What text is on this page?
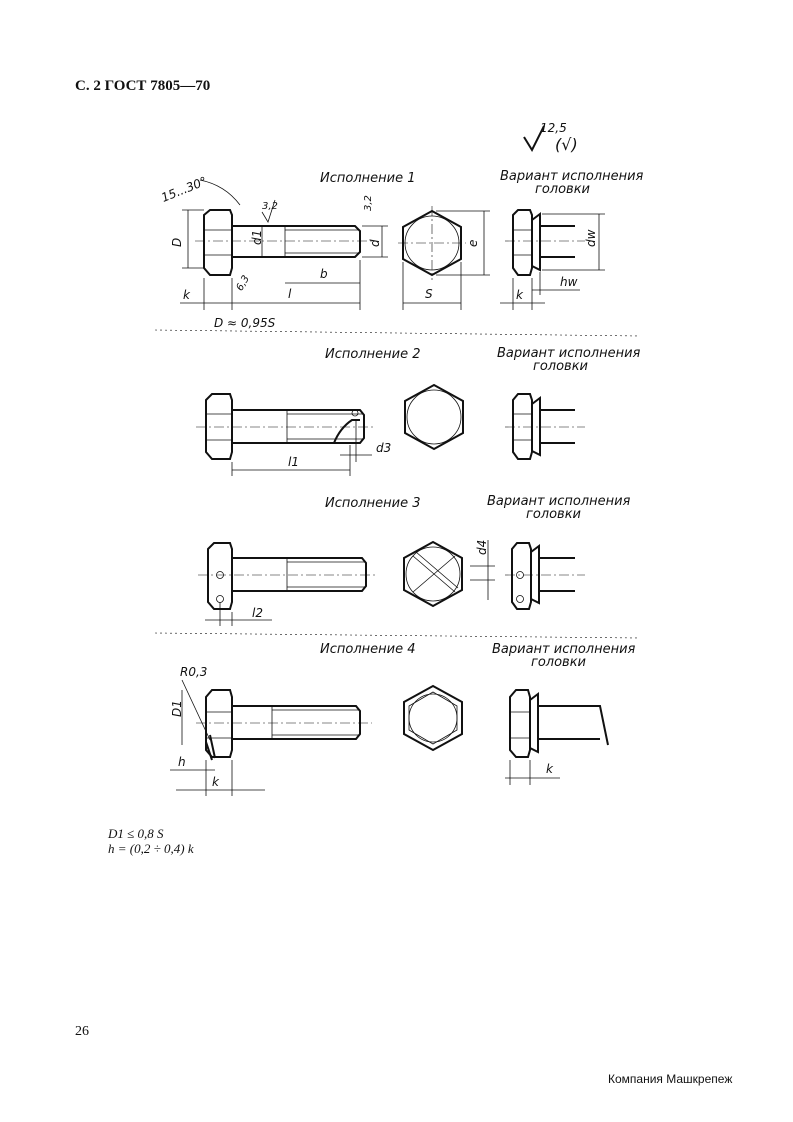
С. 2 ГОСТ 7805—70
12,5
(√)
Исполнение 1	Вариант исполнения
головки
D	d1	d
b
l
k
15...30°
3,2	3,2
6,3
D ≈ 0,95S
S
e	dw
hw
k
Исполнение 2	Вариант исполнения
головки
l1
d3
Исполнение 3	Вариант исполнения
головки
l2
d4
Исполнение 4	Вариант исполнения
головки
R0,3
D1
h
k
k
D1 ≤ 0,8 S
h = (0,2 ÷ 0,4) k
26
Компания Машкрепеж
